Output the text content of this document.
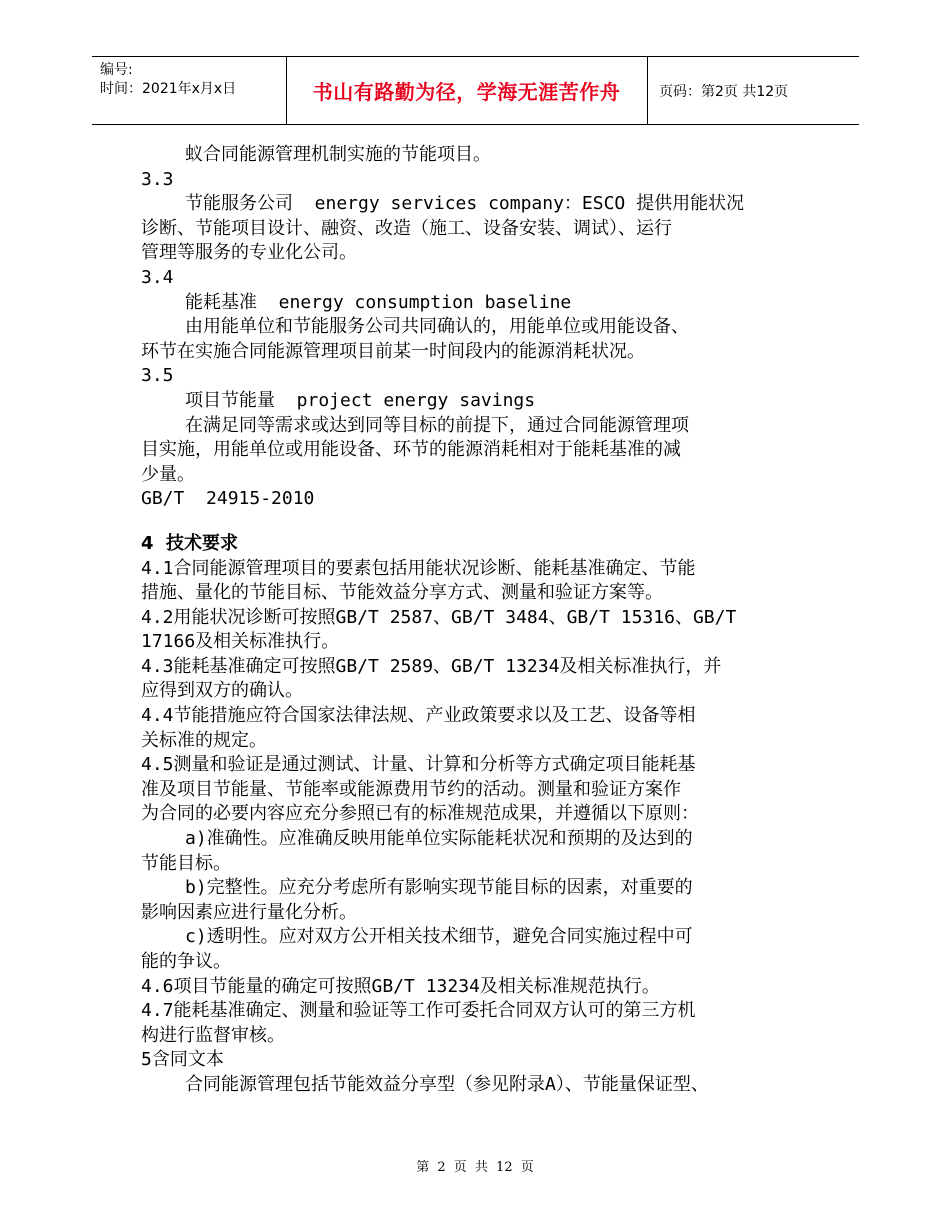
编号:
时间：2021年x月x日	书山有路勤为径，学海无涯苦作舟	页码：第2页 共12页

蚁合同能源管理机制实施的节能项目。

3.3

节能服务公司  energy services company：ESCO 提供用能状况

诊断、节能项目设计、融资、改造（施工、设备安装、调试）、运行

管理等服务的专业化公司。

3.4

能耗基准  energy consumption baseline

由用能单位和节能服务公司共同确认的，用能单位或用能设备、

环节在实施合同能源管理项目前某一时间段内的能源消耗状况。

3.5

项目节能量  project energy savings

在满足同等需求或达到同等目标的前提下，通过合同能源管理项

目实施，用能单位或用能设备、环节的能源消耗相对于能耗基准的减

少量。

GB/T  24915-2010

4  技术要求

4.1合同能源管理项目的要素包括用能状况诊断、能耗基准确定、节能

措施、量化的节能目标、节能效益分享方式、测量和验证方案等。

4.2用能状况诊断可按照GB/T 2587、GB/T 3484、GB/T 15316、GB/T

17166及相关标准执行。

4.3能耗基准确定可按照GB/T 2589、GB/T 13234及相关标准执行，并

应得到双方的确认。

4.4节能措施应符合国家法律法规、产业政策要求以及工艺、设备等相

关标准的规定。

4.5测量和验证是通过测试、计量、计算和分析等方式确定项目能耗基

准及项目节能量、节能率或能源费用节约的活动。测量和验证方案作

为合同的必要内容应充分参照已有的标准规范成果，并遵循以下原则：

a)准确性。应准确反映用能单位实际能耗状况和预期的及达到的

节能目标。

b)完整性。应充分考虑所有影响实现节能目标的因素，对重要的

影响因素应进行量化分析。

c)透明性。应对双方公开相关技术细节，避免合同实施过程中可

能的争议。

4.6项目节能量的确定可按照GB/T 13234及相关标准规范执行。

4.7能耗基准确定、测量和验证等工作可委托合同双方认可的第三方机

构进行监督审核。

5含同文本

合同能源管理包括节能效益分享型（参见附录A）、节能量保证型、

第 2 页 共 12 页
